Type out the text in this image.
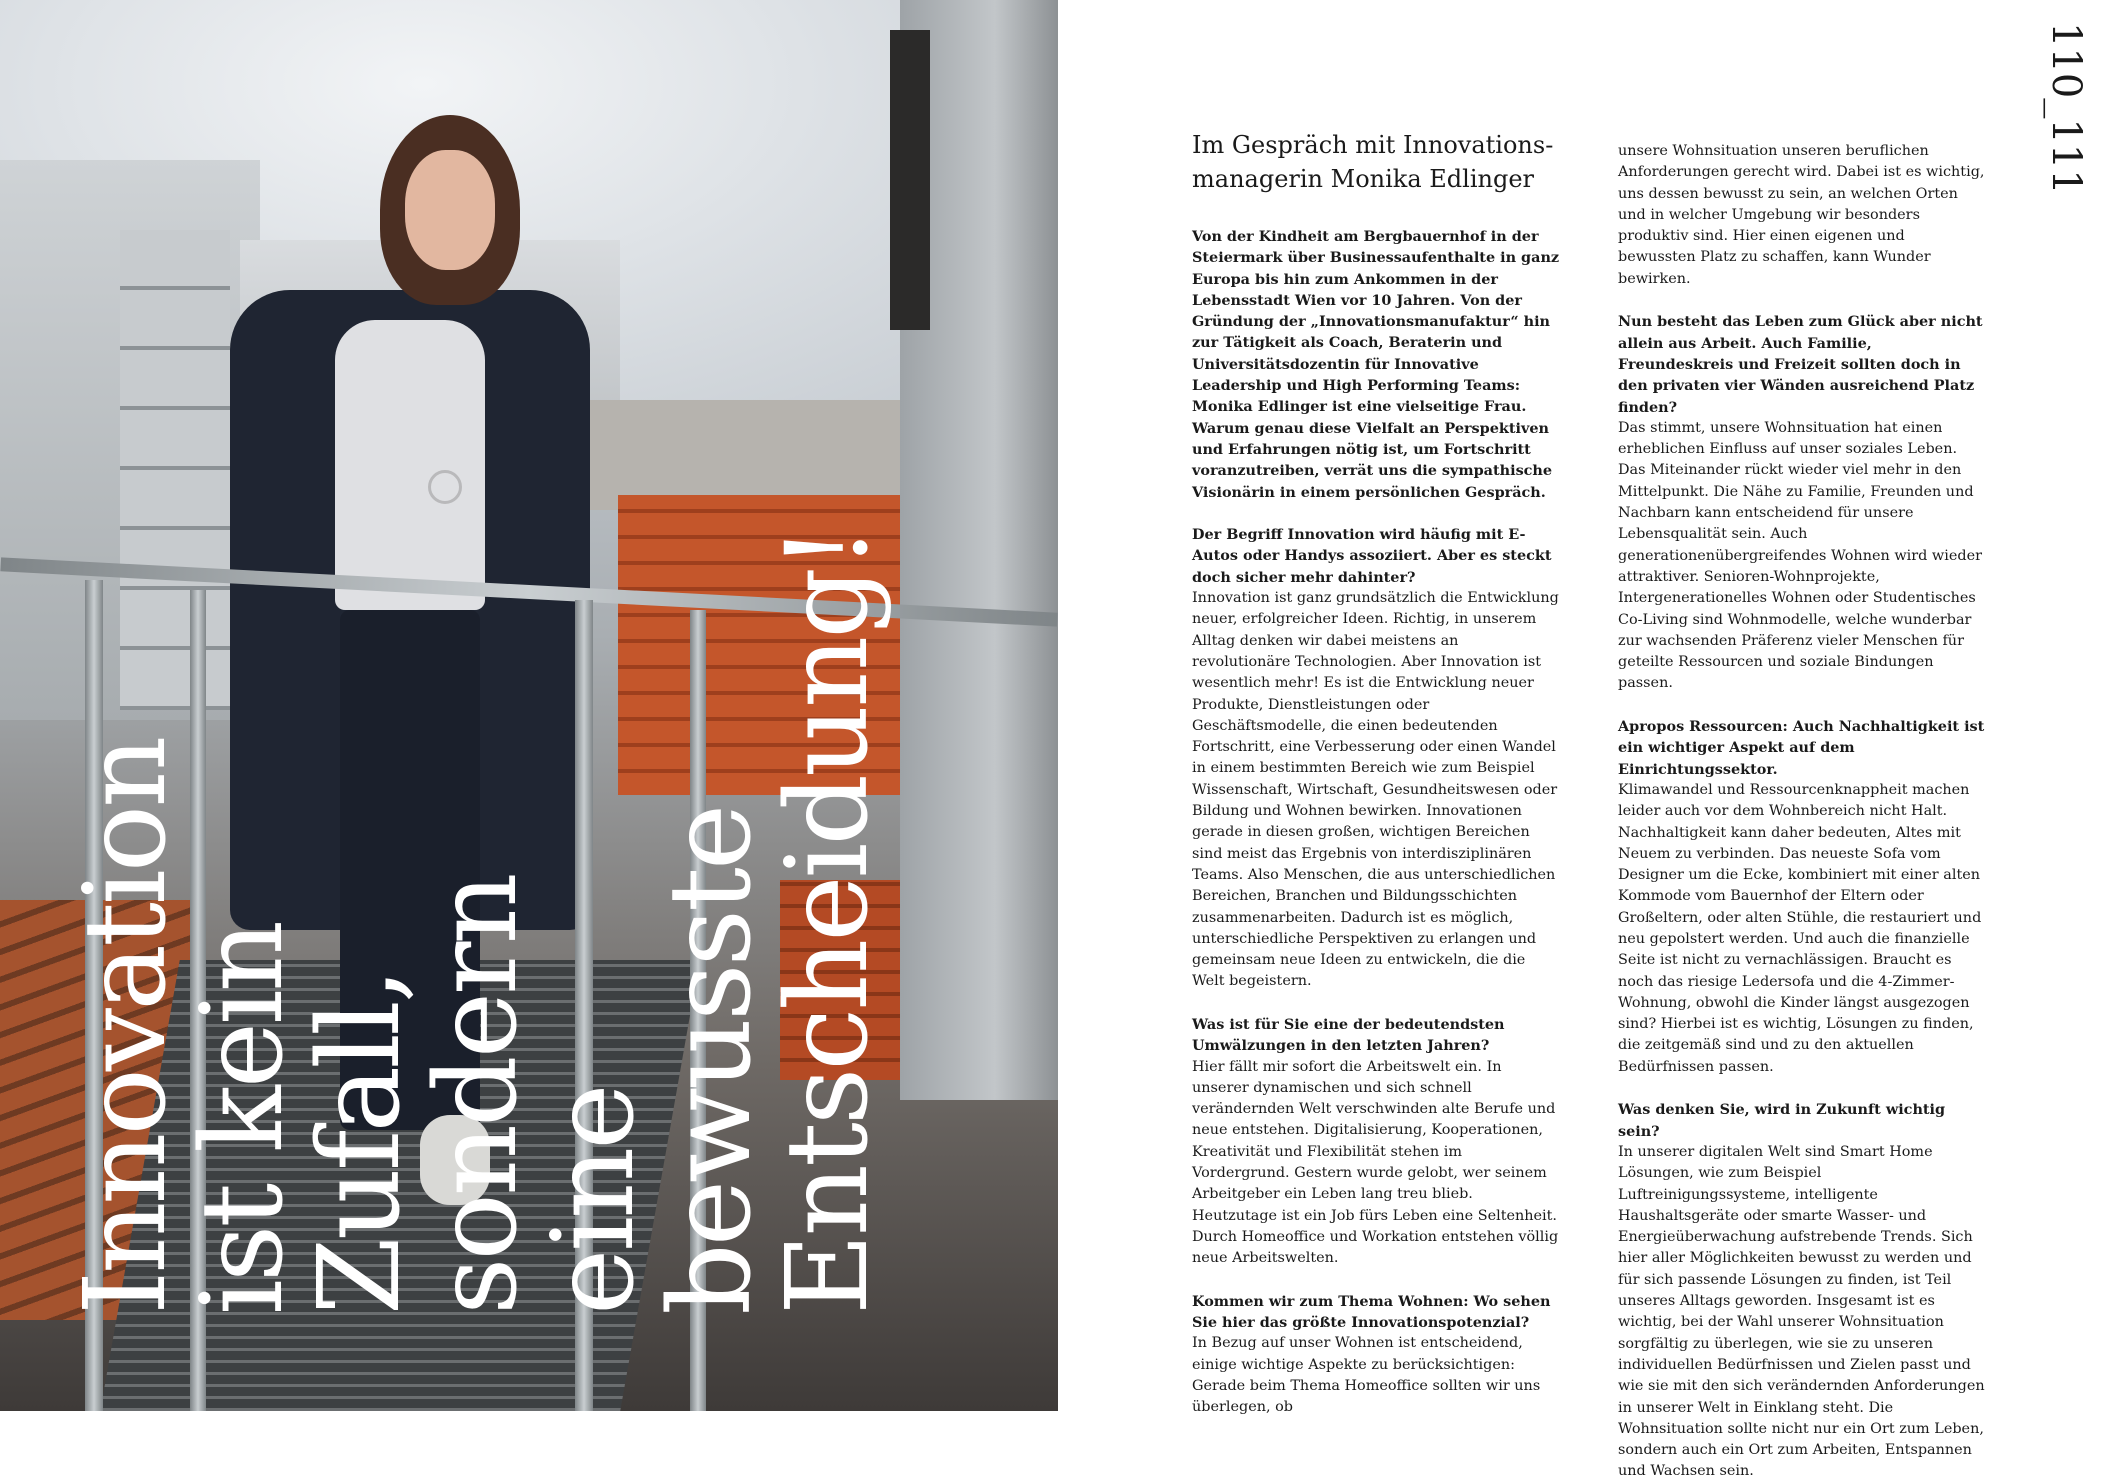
Innovation
ist kein
Zufall,
sondern
eine
bewusste
Entscheidung!
110_111
Im Gespräch mit Innovations-managerin Monika Edlinger

Von der Kindheit am Bergbauernhof in der Steiermark über Businessaufenthalte in ganz Europa bis hin zum Ankommen in der Lebensstadt Wien vor 10 Jahren. Von der Gründung der „Innovationsmanufaktur“ hin zur Tätigkeit als Coach, Beraterin und Universitätsdozentin für Innovative Leadership und High Performing Teams: Monika Edlinger ist eine vielseitige Frau. Warum genau diese Vielfalt an Perspektiven und Erfahrungen nötig ist, um Fortschritt voranzutreiben, verrät uns die sympathische Visionärin in einem persönlichen Gespräch.

Der Begriff Innovation wird häufig mit E-Autos oder Handys assoziiert. Aber es steckt doch sicher mehr dahinter?

Innovation ist ganz grundsätzlich die Entwicklung neuer, erfolgreicher Ideen. Richtig, in unserem Alltag denken wir dabei meistens an revolutionäre Technologien. Aber Innovation ist wesentlich mehr! Es ist die Entwicklung neuer Produkte, Dienstleistungen oder Geschäftsmodelle, die einen bedeutenden Fortschritt, eine Verbesserung oder einen Wandel in einem bestimmten Bereich wie zum Beispiel Wissenschaft, Wirtschaft, Gesundheitswesen oder Bildung und Wohnen bewirken. Innovationen gerade in diesen großen, wichtigen Bereichen sind meist das Ergebnis von interdisziplinären Teams. Also Menschen, die aus unterschiedlichen Bereichen, Branchen und Bildungsschichten zusammenarbeiten. Dadurch ist es möglich, unterschiedliche Perspektiven zu erlangen und gemeinsam neue Ideen zu entwickeln, die die Welt begeistern.

Was ist für Sie eine der bedeutendsten Umwälzungen in den letzten Jahren?

Hier fällt mir sofort die Arbeitswelt ein. In unserer dynamischen und sich schnell verändernden Welt verschwinden alte Berufe und neue entstehen. Digitalisierung, Kooperationen, Kreativität und Flexibilität stehen im Vordergrund. Gestern wurde gelobt, wer seinem Arbeitgeber ein Leben lang treu blieb. Heutzutage ist ein Job fürs Leben eine Seltenheit. Durch Homeoffice und Workation entstehen völlig neue Arbeitswelten.

Kommen wir zum Thema Wohnen: Wo sehen Sie hier das größte Innovationspotenzial?

In Bezug auf unser Wohnen ist entscheidend, einige wichtige Aspekte zu berücksichtigen: Gerade beim Thema Homeoffice sollten wir uns überlegen, ob

unsere Wohnsituation unseren beruflichen Anforderungen gerecht wird. Dabei ist es wichtig, uns dessen bewusst zu sein, an welchen Orten und in welcher Umgebung wir besonders produktiv sind. Hier einen eigenen und bewussten Platz zu schaffen, kann Wunder bewirken.

Nun besteht das Leben zum Glück aber nicht allein aus Arbeit. Auch Familie, Freundeskreis und Freizeit sollten doch in den privaten vier Wänden ausreichend Platz finden?

Das stimmt, unsere Wohnsituation hat einen erheblichen Einfluss auf unser soziales Leben. Das Miteinander rückt wieder viel mehr in den Mittelpunkt. Die Nähe zu Familie, Freunden und Nachbarn kann entscheidend für unsere Lebensqualität sein. Auch generationenübergreifendes Wohnen wird wieder attraktiver. Senioren-Wohnprojekte, Intergenerationelles Wohnen oder Studentisches Co-Living sind Wohnmodelle, welche wunderbar zur wachsenden Präferenz vieler Menschen für geteilte Ressourcen und soziale Bindungen passen.

Apropos Ressourcen: Auch Nachhaltigkeit ist ein wichtiger Aspekt auf dem Einrichtungssektor.

Klimawandel und Ressourcenknappheit machen leider auch vor dem Wohnbereich nicht Halt. Nachhaltigkeit kann daher bedeuten, Altes mit Neuem zu verbinden. Das neueste Sofa vom Designer um die Ecke, kombiniert mit einer alten Kommode vom Bauernhof der Eltern oder Großeltern, oder alten Stühle, die restauriert und neu gepolstert werden. Und auch die finanzielle Seite ist nicht zu vernachlässigen. Braucht es noch das riesige Ledersofa und die 4-Zimmer-Wohnung, obwohl die Kinder längst ausgezogen sind? Hierbei ist es wichtig, Lösungen zu finden, die zeitgemäß sind und zu den aktuellen Bedürfnissen passen.

Was denken Sie, wird in Zukunft wichtig sein?

In unserer digitalen Welt sind Smart Home Lösungen, wie zum Beispiel Luftreinigungssysteme, intelligente Haushaltsgeräte oder smarte Wasser- und Energieüberwachung aufstrebende Trends. Sich hier aller Möglichkeiten bewusst zu werden und für sich passende Lösungen zu finden, ist Teil unseres Alltags geworden. Insgesamt ist es wichtig, bei der Wahl unserer Wohnsituation sorgfältig zu überlegen, wie sie zu unseren individuellen Bedürfnissen und Zielen passt und wie sie mit den sich verändernden Anforderungen in unserer Welt in Einklang steht. Die Wohnsituation sollte nicht nur ein Ort zum Leben, sondern auch ein Ort zum Arbeiten, Entspannen und Wachsen sein.
